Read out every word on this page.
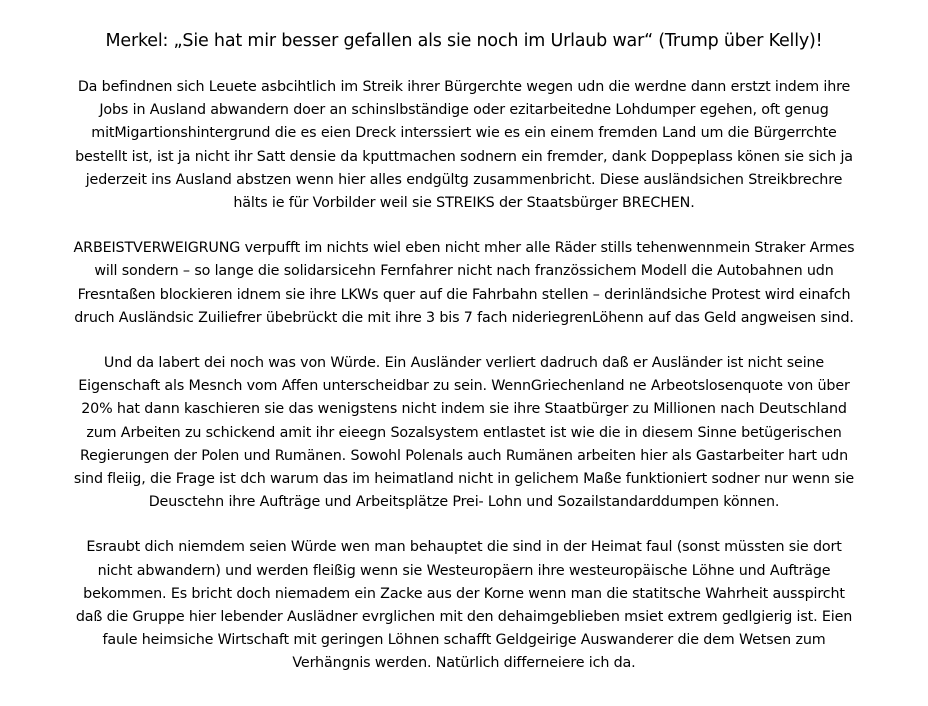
Merkel: „Sie hat mir besser gefallen als sie noch im Urlaub war“ (Trump über Kelly)!
Da befindnen sich Leuete asbcihtlich im Streik ihrer Bürgerchte wegen udn die werdne dann erstzt indem ihre
Jobs in Ausland abwandern doer an schinslbständige oder ezitarbeitedne Lohdumper egehen, oft genug
mitMigartionshintergrund die es eien Dreck interssiert wie es ein einem fremden Land um die Bürgerrchte
bestellt ist, ist ja nicht ihr Satt densie da kputtmachen sodnern ein fremder, dank Doppeplass könen sie sich ja
jederzeit ins Ausland abstzen wenn hier alles endgültg zusammenbricht. Diese ausländsichen Streikbrechre
hälts ie für Vorbilder weil sie STREIKS der Staatsbürger BRECHEN.
ARBEISTVERWEIGRUNG verpufft im nichts wiel eben nicht mher alle Räder stills tehenwennmein Straker Armes
will sondern – so lange die solidarsicehn Fernfahrer nicht nach französsichem Modell die Autobahnen udn
Fresntaßen blockieren idnem sie ihre LKWs quer auf die Fahrbahn stellen – derinländsiche Protest wird einafch
druch Ausländsic Zuiliefrer übebrückt die mit ihre 3 bis 7 fach nideriegrenLöhenn auf das Geld angweisen sind.
Und da labert dei noch was von Würde. Ein Ausländer verliert dadruch daß er Ausländer ist nicht seine
Eigenschaft als Mesnch vom Affen unterscheidbar zu sein. WennGriechenland ne Arbeotslosenquote von über
20% hat dann kaschieren sie das wenigstens nicht indem sie ihre Staatbürger zu Millionen nach Deutschland
zum Arbeiten zu schickend amit ihr eieegn Sozalsystem entlastet ist wie die in diesem Sinne betügerischen
Regierungen der Polen und Rumänen. Sowohl Polenals auch Rumänen arbeiten hier als Gastarbeiter hart udn
sind fleiig, die Frage ist dch warum das im heimatland nicht in gelichem Maße funktioniert sodner nur wenn sie
Deusctehn ihre Aufträge und Arbeitsplätze Prei- Lohn und Sozailstandarddumpen können.
Esraubt dich niemdem seien Würde wen man behauptet die sind in der Heimat faul (sonst müssten sie dort
nicht abwandern) und werden fleißig wenn sie Westeuropäern ihre westeuropäische Löhne und Aufträge
bekommen. Es bricht doch niemadem ein Zacke aus der Korne wenn man die statitsche Wahrheit ausspircht
daß die Gruppe hier lebender Auslädner evrglichen mit den dehaimgeblieben msiet extrem gedlgierig ist. Eien
faule heimsiche Wirtschaft mit geringen Löhnen schafft Geldgeirige Auswanderer die dem Wetsen zum
Verhängnis werden. Natürlich differneiere ich da.
